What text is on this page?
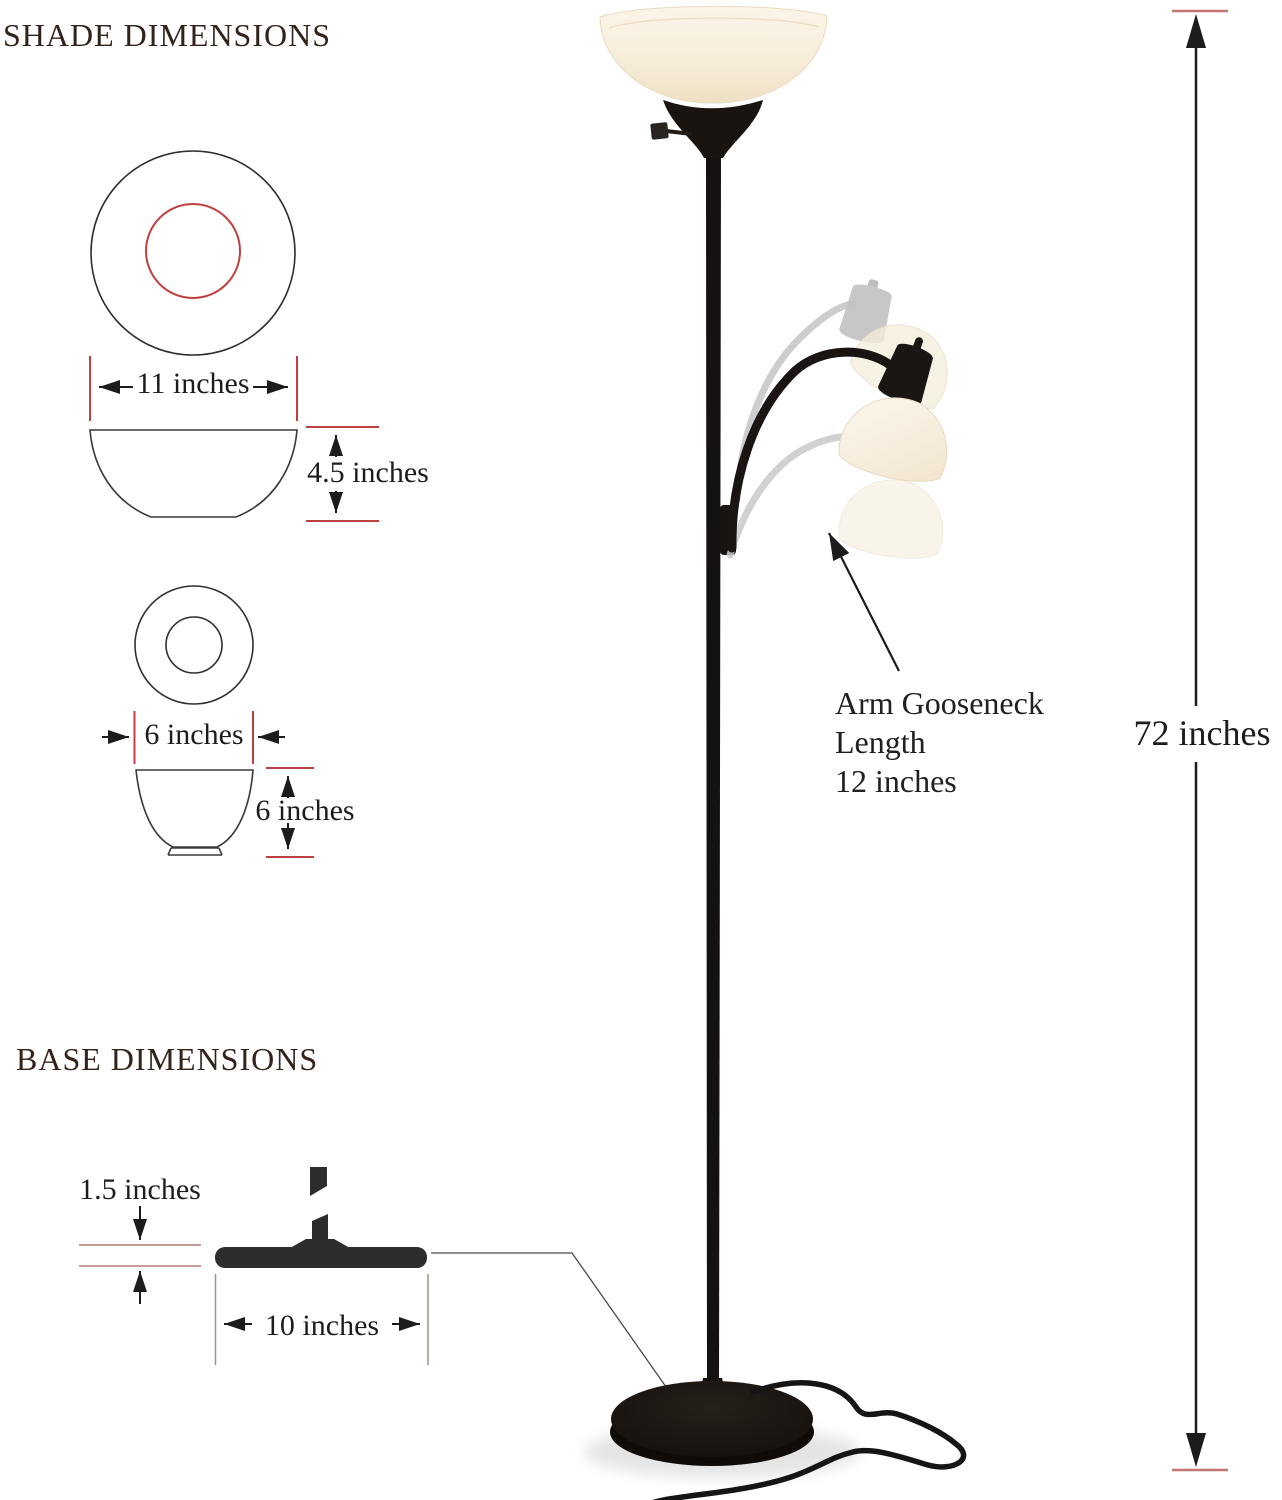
SHADE DIMENSIONS
11 inches
4.5 inches
6 inches
6 inches
BASE DIMENSIONS
1.5 inches
10 inches
Arm Gooseneck
Length
12 inches
72 inches
